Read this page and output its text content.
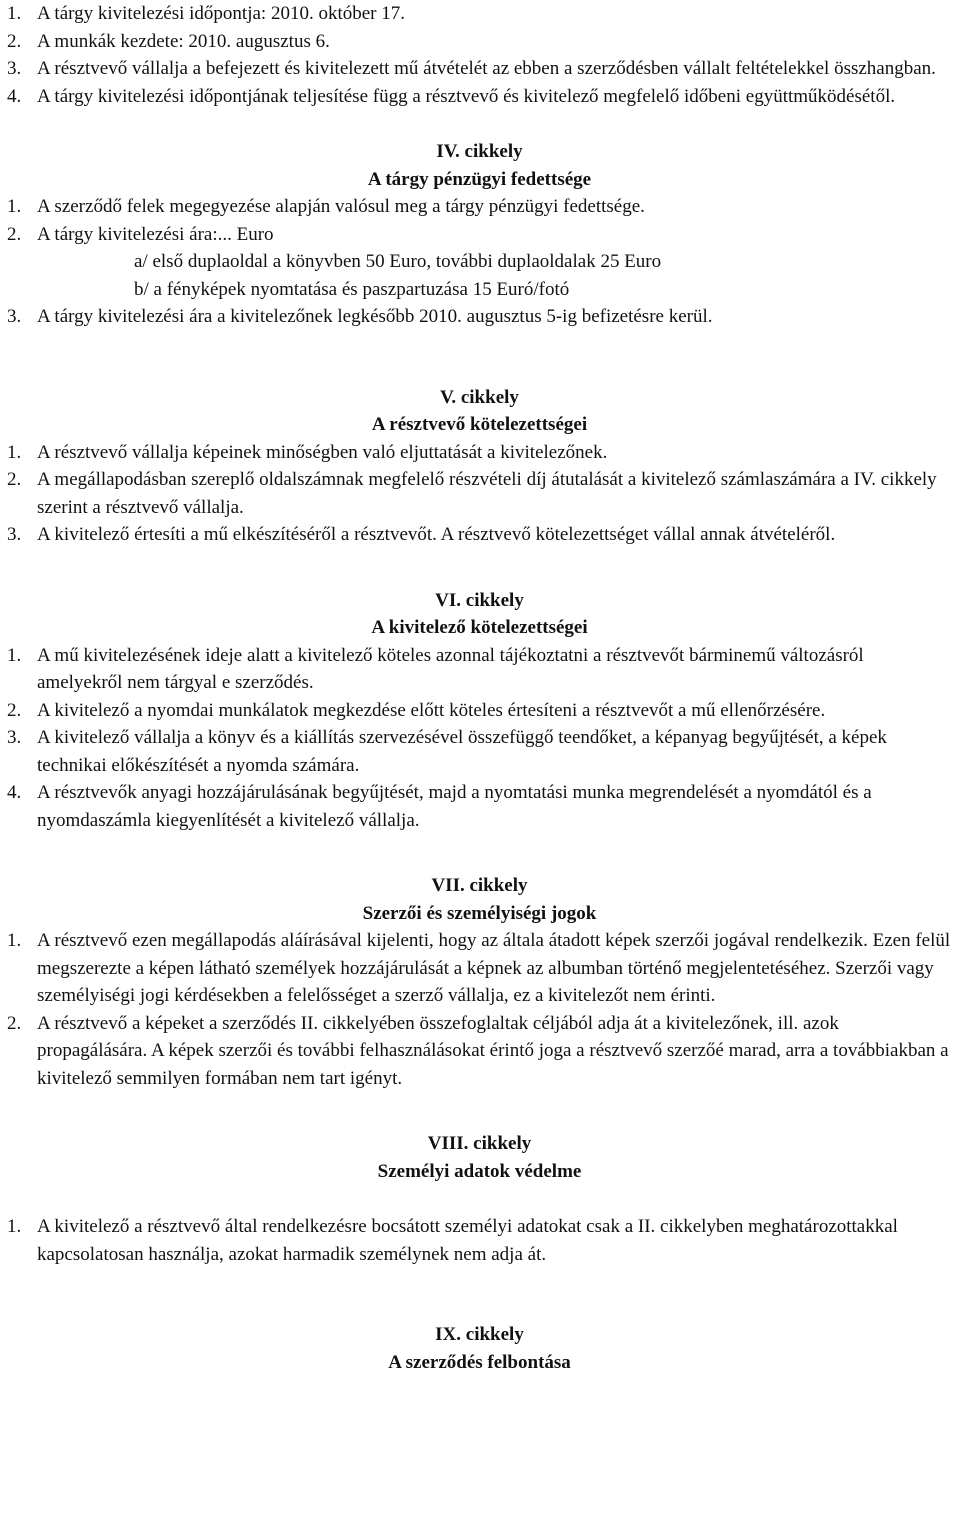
1. A tárgy kivitelezési időpontja: 2010. október 17.
2. A munkák kezdete: 2010. augusztus 6.
3. A résztvevő vállalja a befejezett és kivitelezett mű átvételét az ebben a szerződésben vállalt feltételekkel összhangban.
4. A tárgy kivitelezési időpontjának teljesítése függ a résztvevő és kivitelező megfelelő időbeni együttműködésétől.
IV. cikkely
A tárgy pénzügyi fedettsége
1. A szerződő felek megegyezése alapján valósul meg a tárgy pénzügyi fedettsége.
2. A tárgy kivitelezési ára:... Euro
a/ első duplaoldal a könyvben 50 Euro, további duplaoldalak 25 Euro
b/ a fényképek nyomtatása és paszpartuzása 15 Euró/fotó
3. A tárgy kivitelezési ára a kivitelezőnek legkésőbb 2010. augusztus 5-ig befizetésre kerül.
V. cikkely
A résztvevő kötelezettségei
1. A résztvevő vállalja képeinek minőségben való eljuttatását a kivitelezőnek.
2. A megállapodásban szereplő oldalszámnak megfelelő részvételi díj átutalását a kivitelező számlaszámára a IV. cikkely szerint a résztvevő vállalja.
3. A kivitelező értesíti a mű elkészítéséről a résztvevőt. A résztvevő kötelezettséget vállal annak átvételéről.
VI. cikkely
A kivitelező kötelezettségei
1. A mű kivitelezésének ideje alatt a kivitelező köteles azonnal tájékoztatni a résztvevőt bárminemű változásról amelyekről nem tárgyal e szerződés.
2. A kivitelező a nyomdai munkálatok megkezdése előtt köteles értesíteni a résztvevőt a mű ellenőrzésére.
3. A kivitelező vállalja a könyv és a kiállítás szervezésével összefüggő teendőket, a képanyag begyűjtését, a képek technikai előkészítését a nyomda számára.
4. A résztvevők anyagi hozzájárulásának begyűjtését, majd a nyomtatási munka megrendelését a nyomdától és a nyomdaszámla kiegyenlítését a kivitelező vállalja.
VII. cikkely
Szerzői és személyiségi jogok
1. A résztvevő ezen megállapodás aláírásával kijelenti, hogy az általa átadott képek szerzői jogával rendelkezik. Ezen felül megszerezte a képen látható személyek hozzájárulását a képnek az albumban történő megjelentetéséhez. Szerzői vagy személyiségi jogi kérdésekben a felelősséget a szerző vállalja, ez a kivitelezőt nem érinti.
2. A résztvevő a képeket a szerződés II. cikkelyében összefoglaltak céljából adja át a kivitelezőnek, ill. azok propagálására. A képek szerzői és további felhasználásokat érintő joga a résztvevő szerzőé marad, arra a továbbiakban a kivitelező semmilyen formában nem tart igényt.
VIII. cikkely
Személyi adatok védelme
1. A kivitelező a résztvevő által rendelkezésre bocsátott személyi adatokat csak a II. cikkelyben meghatározottakkal kapcsolatosan használja, azokat harmadik személynek nem adja át.
IX. cikkely
A szerződés felbontása
